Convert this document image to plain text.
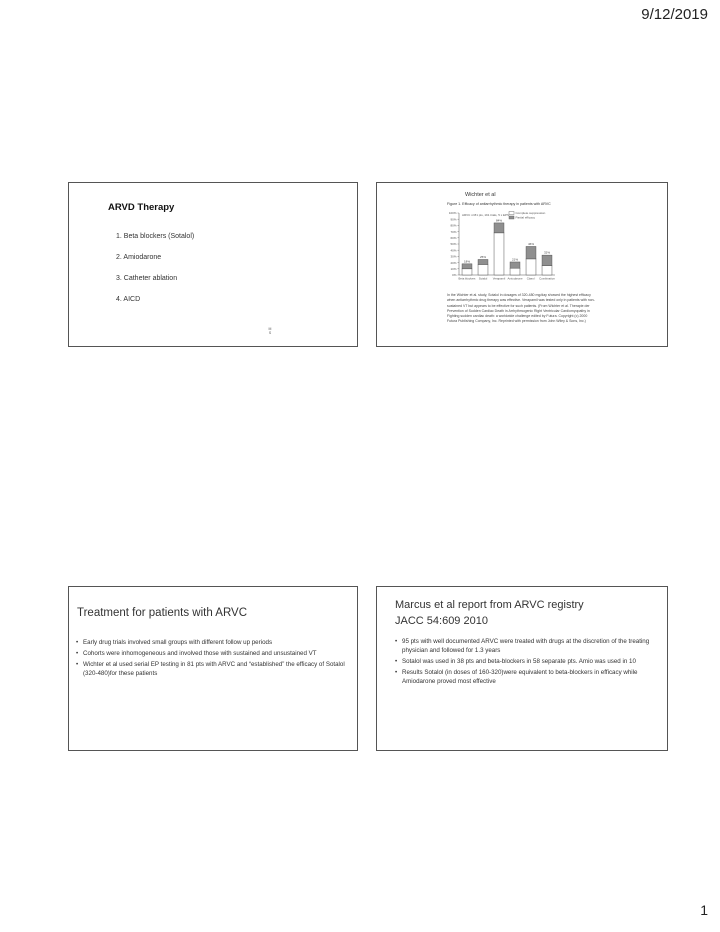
9/12/2019
ARVD Therapy
1. Beta blockers (Sotalol)
2. Amiodarone
3. Catheter ablation
4. AICD
M S
Wichter et al
Figure 1. Efficacy of antiarrhythmic therapy in patients with ARVC
0%
10%
20%
30%
40%
50%
60%
70%
80%
90%
100% ARVC n=81 pts, 191 trials, 5 x EPS Complete suppression
Partial efficacy
18%
Beta blockers
25%
Sotalol
84%
Verapamil
21%
Amiodarone
46%
Class I
32%
Combination
In the Wichter et al. study, Sotalol in dosages of 320-480 mg/day showed the highest efficacy when antiarrhythmic drug therapy was effective. Verapamil was tested only in patients with non-sustained VT but appears to be effective for such patients. (From Wichter et al. Therapie der Prevention of Sudden Cardiac Death in Arrhythmogenic Right Ventricular Cardiomyopathy in Fighting sudden cardiac death: a worldwide challenge edited by Futura. Copyright (c) 2000 Futura Publishing Company, Inc. Reprinted with permission from John Wiley & Sons, Inc.)
Treatment for patients with ARVC
• Early drug trials involved small groups with different follow up periods
• Cohorts were inhomogeneous and involved those with sustained and unsustained VT
• Wichter et al used serial EP testing in 81 pts with ARVC and “established” the efficacy of Sotalol (320-480)for these patients
Marcus et al report from ARVC registry
JACC 54:609 2010
• 95 pts with well documented ARVC were treated with drugs at the discretion of the treating physician and followed for 1.3 years
• Sotalol was used in 38 pts and beta-blockers in 58 separate pts. Amio was used in 10
• Results Sotalol (in doses of 160-320)were equivalent to beta-blockers in efficacy while Amiodarone proved most effective
1
